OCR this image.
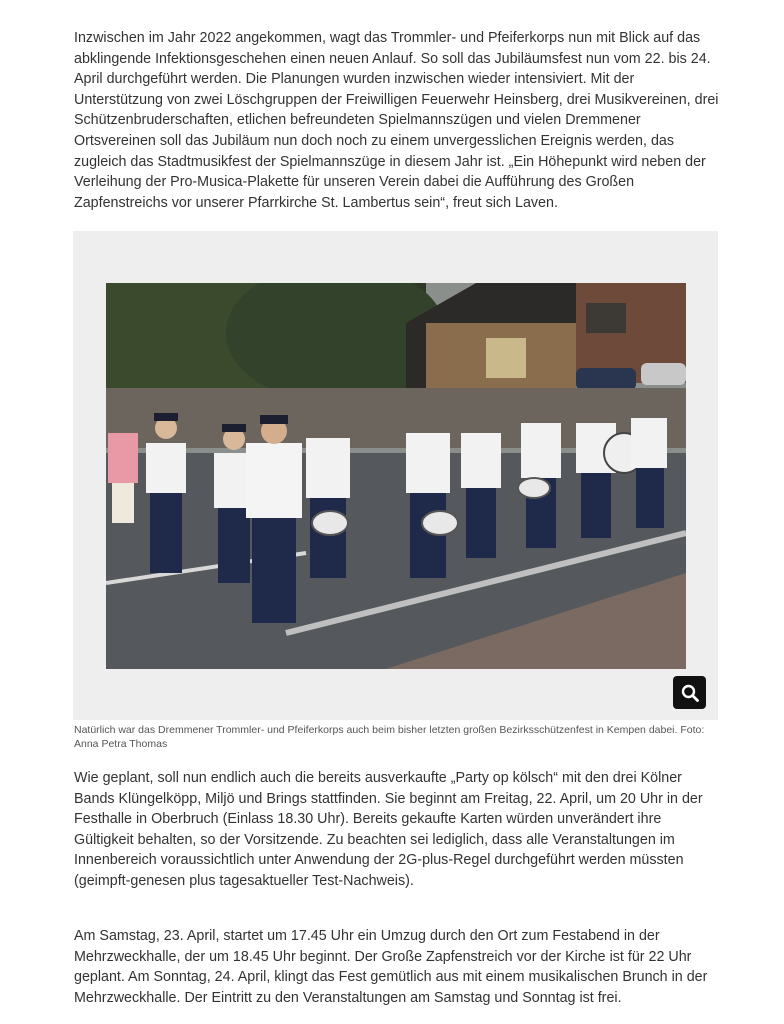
Inzwischen im Jahr 2022 angekommen, wagt das Trommler- und Pfeiferkorps nun mit Blick auf das abklingende Infektionsgeschehen einen neuen Anlauf. So soll das Jubiläumsfest nun vom 22. bis 24. April durchgeführt werden. Die Planungen wurden inzwischen wieder intensiviert. Mit der Unterstützung von zwei Löschgruppen der Freiwilligen Feuerwehr Heinsberg, drei Musikvereinen, drei Schützenbruderschaften, etlichen befreundeten Spielmannszügen und vielen Dremmener Ortsvereinen soll das Jubiläum nun doch noch zu einem unvergesslichen Ereignis werden, das zugleich das Stadtmusikfest der Spielmannszüge in diesem Jahr ist. „Ein Höhepunkt wird neben der Verleihung der Pro-Musica-Plakette für unseren Verein dabei die Aufführung des Großen Zapfenstreichs vor unserer Pfarrkirche St. Lambertus sein“, freut sich Laven.

Natürlich war das Dremmener Trommler- und Pfeiferkorps auch beim bisher letzten großen Bezirksschützenfest in Kempen dabei. Foto: Anna Petra Thomas

Wie geplant, soll nun endlich auch die bereits ausverkaufte „Party op kölsch“ mit den drei Kölner Bands Klüngelköpp, Miljö und Brings stattfinden. Sie beginnt am Freitag, 22. April, um 20 Uhr in der Festhalle in Oberbruch (Einlass 18.30 Uhr). Bereits gekaufte Karten würden unverändert ihre Gültigkeit behalten, so der Vorsitzende. Zu beachten sei lediglich, dass alle Veranstaltungen im Innenbereich voraussichtlich unter Anwendung der 2G-plus-Regel durchgeführt werden müssten (geimpft-genesen plus tagesaktueller Test-Nachweis).

Am Samstag, 23. April, startet um 17.45 Uhr ein Umzug durch den Ort zum Festabend in der Mehrzweckhalle, der um 18.45 Uhr beginnt. Der Große Zapfenstreich vor der Kirche ist für 22 Uhr geplant. Am Sonntag, 24. April, klingt das Fest gemütlich aus mit einem musikalischen Brunch in der Mehrzweckhalle. Der Eintritt zu den Veranstaltungen am Samstag und Sonntag ist frei.
